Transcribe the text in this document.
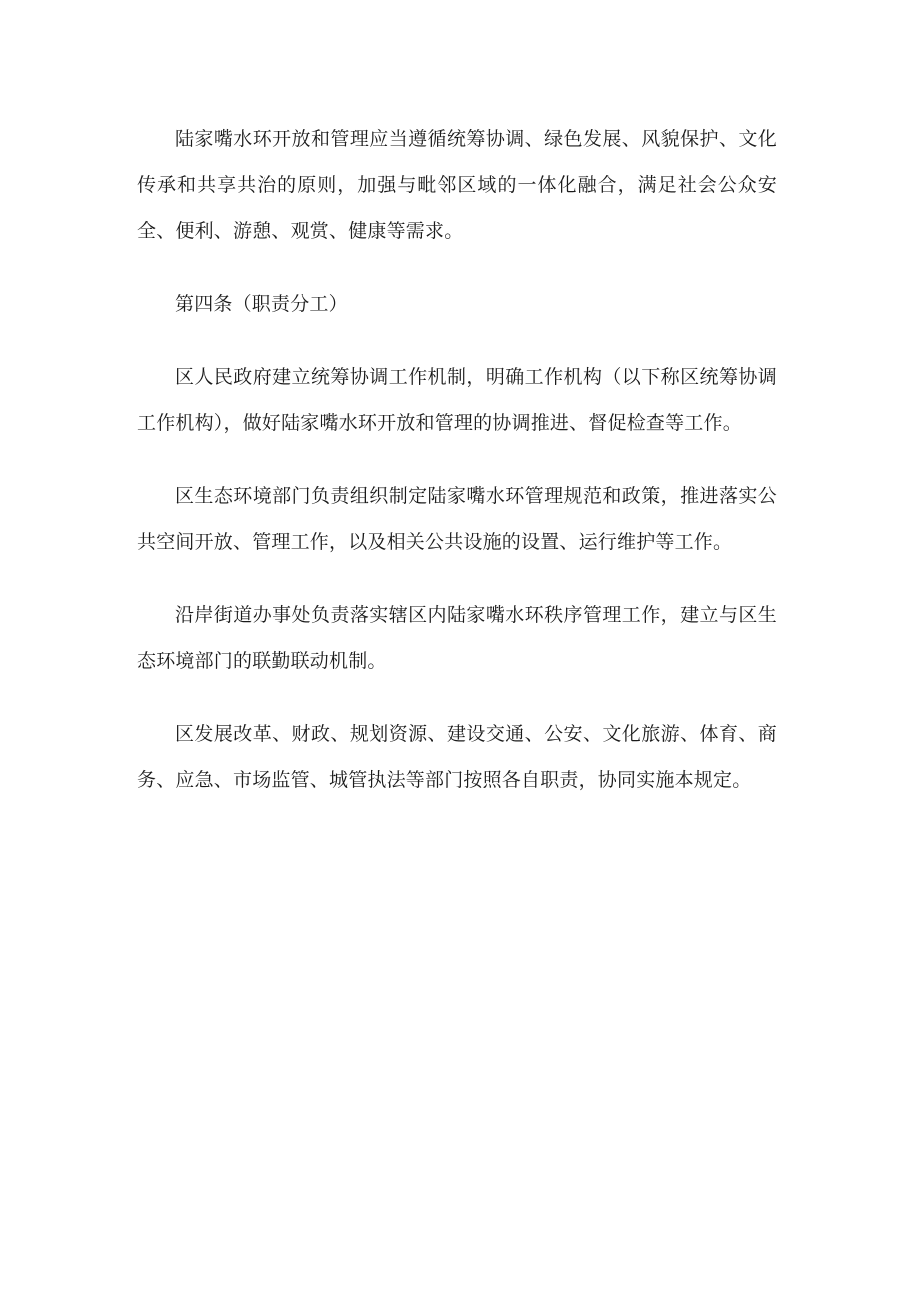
陆家嘴水环开放和管理应当遵循统筹协调、绿色发展、风貌保护、文化传承和共享共治的原则，加强与毗邻区域的一体化融合，满足社会公众安全、便利、游憩、观赏、健康等需求。

第四条（职责分工）

区人民政府建立统筹协调工作机制，明确工作机构（以下称区统筹协调工作机构），做好陆家嘴水环开放和管理的协调推进、督促检查等工作。

区生态环境部门负责组织制定陆家嘴水环管理规范和政策，推进落实公共空间开放、管理工作，以及相关公共设施的设置、运行维护等工作。

沿岸街道办事处负责落实辖区内陆家嘴水环秩序管理工作，建立与区生态环境部门的联勤联动机制。

区发展改革、财政、规划资源、建设交通、公安、文化旅游、体育、商务、应急、市场监管、城管执法等部门按照各自职责，协同实施本规定。
